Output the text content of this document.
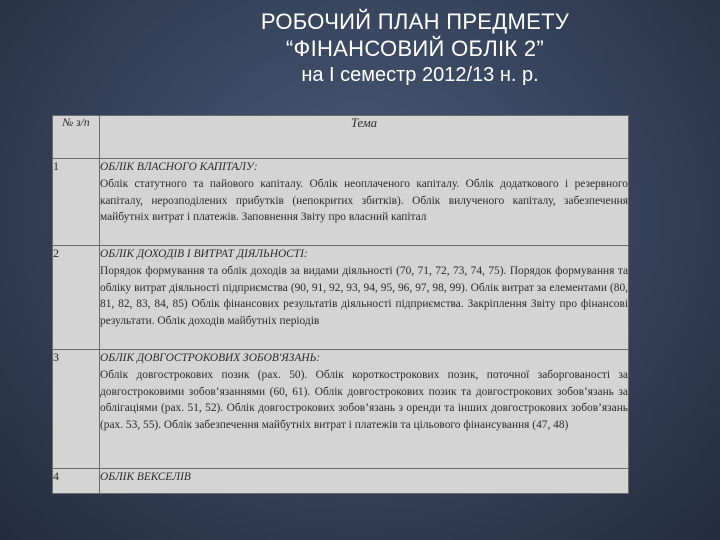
РОБОЧИЙ ПЛАН ПРЕДМЕТУ
“ФІНАНСОВИЙ ОБЛІК 2”
на І семестр 2012/13 н. р.
№ з/п	Тема
1	ОБЛІК ВЛАСНОГО КАПІТАЛУ:
Облік статутного та пайового капіталу. Облік неоплаченого капіталу. Облік додаткового і резервного капіталу, нерозподілених прибутків (непокритих збитків). Облік вилученого капіталу, забезпечення майбутніх витрат і платежів. Заповнення Звіту про власний капітал

2	ОБЛІК ДОХОДІВ І ВИТРАТ ДІЯЛЬНОСТІ:
Порядок формування та облік доходів за видами діяльності (70, 71, 72, 73, 74, 75). Порядок формування та обліку витрат діяльності підприємства (90, 91, 92, 93, 94, 95, 96, 97, 98, 99). Облік витрат за елементами (80, 81, 82, 83, 84, 85) Облік фінансових результатів діяльності підприємства. Закріплення Звіту про фінансові результати. Облік доходів майбутніх періодів

3	ОБЛІК ДОВГОСТРОКОВИХ ЗОБОВ'ЯЗАНЬ:
Облік довгострокових позик (рах. 50). Облік короткострокових позик, поточної заборгованості за довгостроковими зобов’язаннями (60, 61). Облік довгострокових позик та довгострокових зобов’язань за облігаціями (рах. 51, 52). Облік довгострокових зобов’язань з оренди та інших довгострокових зобов’язань (рах. 53, 55). Облік забезпечення майбутніх витрат і платежів та цільового фінансування (47, 48)

4	ОБЛІК ВЕКСЕЛІВ
